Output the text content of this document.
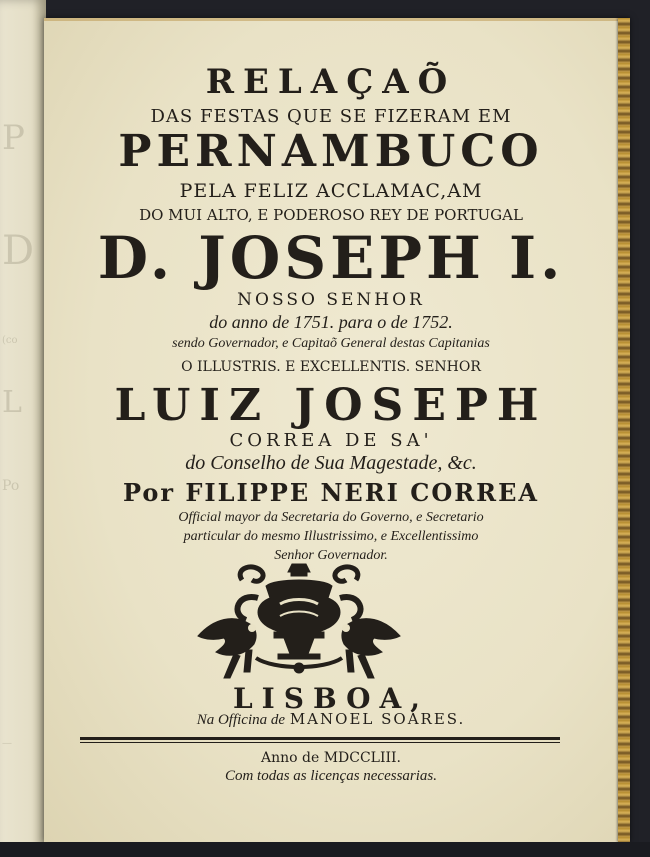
P
D
(co
L
Po
—
RELAÇAÕ
DAS FESTAS QUE SE FIZERAM EM
PERNAMBUCO
PELA FELIZ ACCLAMAC,AM
DO MUI ALTO, E PODEROSO REY DE PORTUGAL
D. JOSEPH I.
NOSSO SENHOR
do anno de 1751. para o de 1752.
sendo Governador, e Capitaõ General destas Capitanias
O ILLUSTRIS. E EXCELLENTIS. SENHOR
LUIZ JOSEPH
CORREA DE SA'
do Conselho de Sua Magestade, &c.
Por FILIPPE NERI CORREA
Official mayor da Secretaria do Governo, e Secretario
particular do mesmo Illustrissimo, e Excellentissimo
Senhor Governador.
LISBOA,
Na Officina de MANOEL SOARES.
Anno de MDCCLIII.
Com todas as licenças necessarias.
